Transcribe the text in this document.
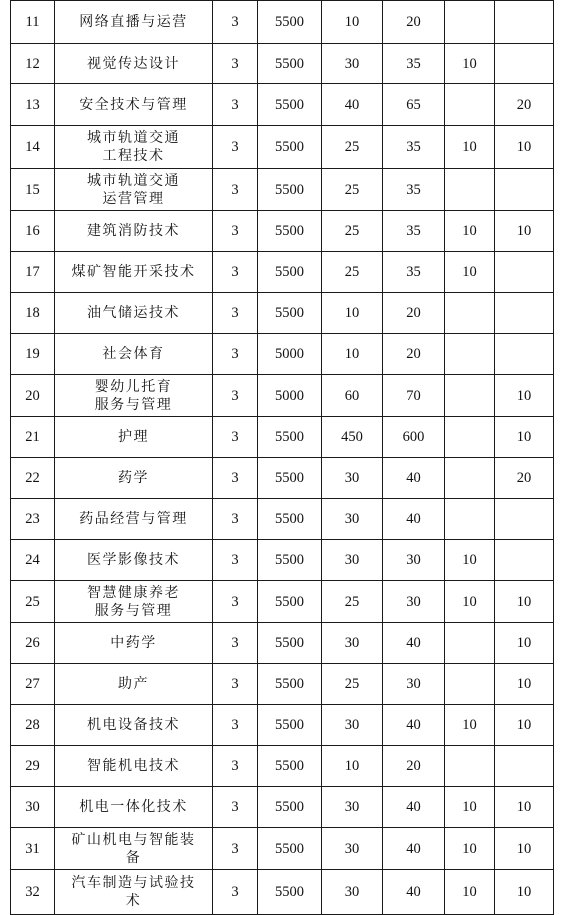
11	网络直播与运营	3	5500	10	20		
12	视觉传达设计	3	5500	30	35	10	
13	安全技术与管理	3	5500	40	65		20
14	城市轨道交通
工程技术	3	5500	25	35	10	10
15	城市轨道交通
运营管理	3	5500	25	35		
16	建筑消防技术	3	5500	25	35	10	10
17	煤矿智能开采技术	3	5500	25	35	10	
18	油气储运技术	3	5500	10	20		
19	社会体育	3	5000	10	20		
20	婴幼儿托育
服务与管理	3	5000	60	70		10
21	护理	3	5500	450	600		10
22	药学	3	5500	30	40		20
23	药品经营与管理	3	5500	30	40		
24	医学影像技术	3	5500	30	30	10	
25	智慧健康养老
服务与管理	3	5500	25	30	10	10
26	中药学	3	5500	30	40		10
27	助产	3	5500	25	30		10
28	机电设备技术	3	5500	30	40	10	10
29	智能机电技术	3	5500	10	20		
30	机电一体化技术	3	5500	30	40	10	10
31	矿山机电与智能装
备	3	5500	30	40	10	10
32	汽车制造与试验技
术	3	5500	30	40	10	10
